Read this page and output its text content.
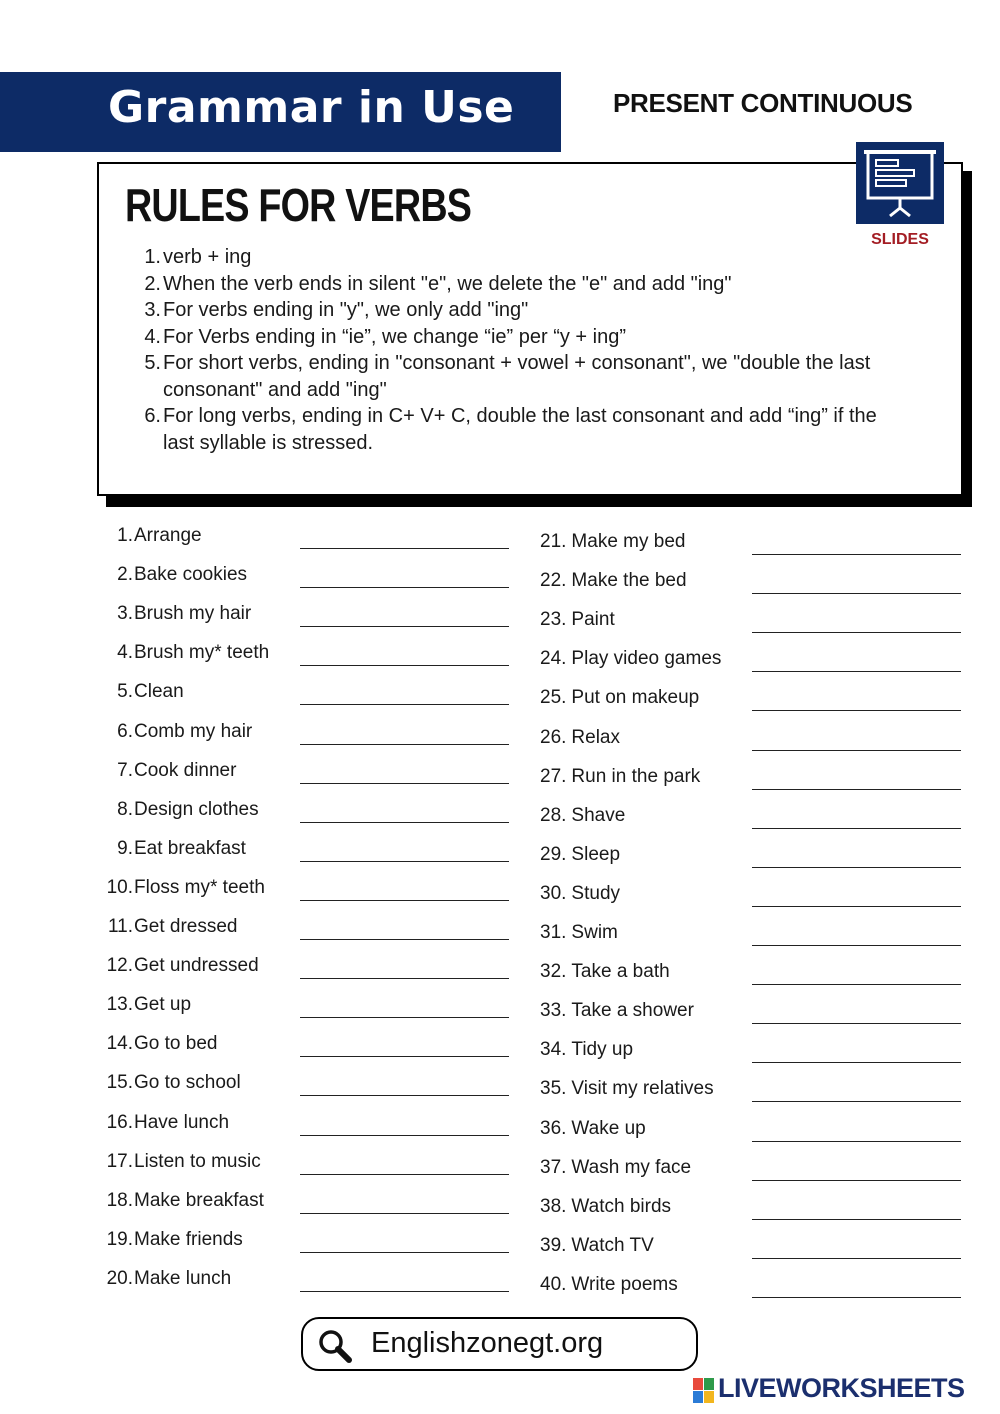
Grammar in Use	PRESENT CONTINUOUS
RULES FOR VERBS
1. verb + ing
2. When the verb ends in silent "e", we delete the "e" and add "ing"
3. For verbs ending in "y", we only add "ing"
4. For Verbs ending in “ie”, we change “ie” per “y + ing”
5. For short verbs, ending in "consonant + vowel + consonant", we "double the last consonant" and add "ing"
6. For long verbs, ending in C+ V+ C, double the last consonant and add “ing” if the last syllable is stressed.
SLIDES
1.Arrange
2.Bake cookies
3.Brush my hair
4.Brush my* teeth
5.Clean
6.Comb my hair
7.Cook dinner
8.Design clothes
9.Eat breakfast
10.Floss my* teeth
11.Get dressed
12.Get undressed
13.Get up
14.Go to bed
15.Go to school
16.Have lunch
17.Listen to music
18.Make breakfast
19.Make friends
20.Make lunch
21. Make my bed
22. Make the bed
23. Paint
24. Play video games
25. Put on makeup
26. Relax
27. Run in the park
28. Shave
29. Sleep
30. Study
31. Swim
32. Take a bath
33. Take a shower
34. Tidy up
35. Visit my relatives
36. Wake up
37. Wash my face
38. Watch birds
39. Watch TV
40. Write poems
Englishzonegt.org
LIVEWORKSHEETS
